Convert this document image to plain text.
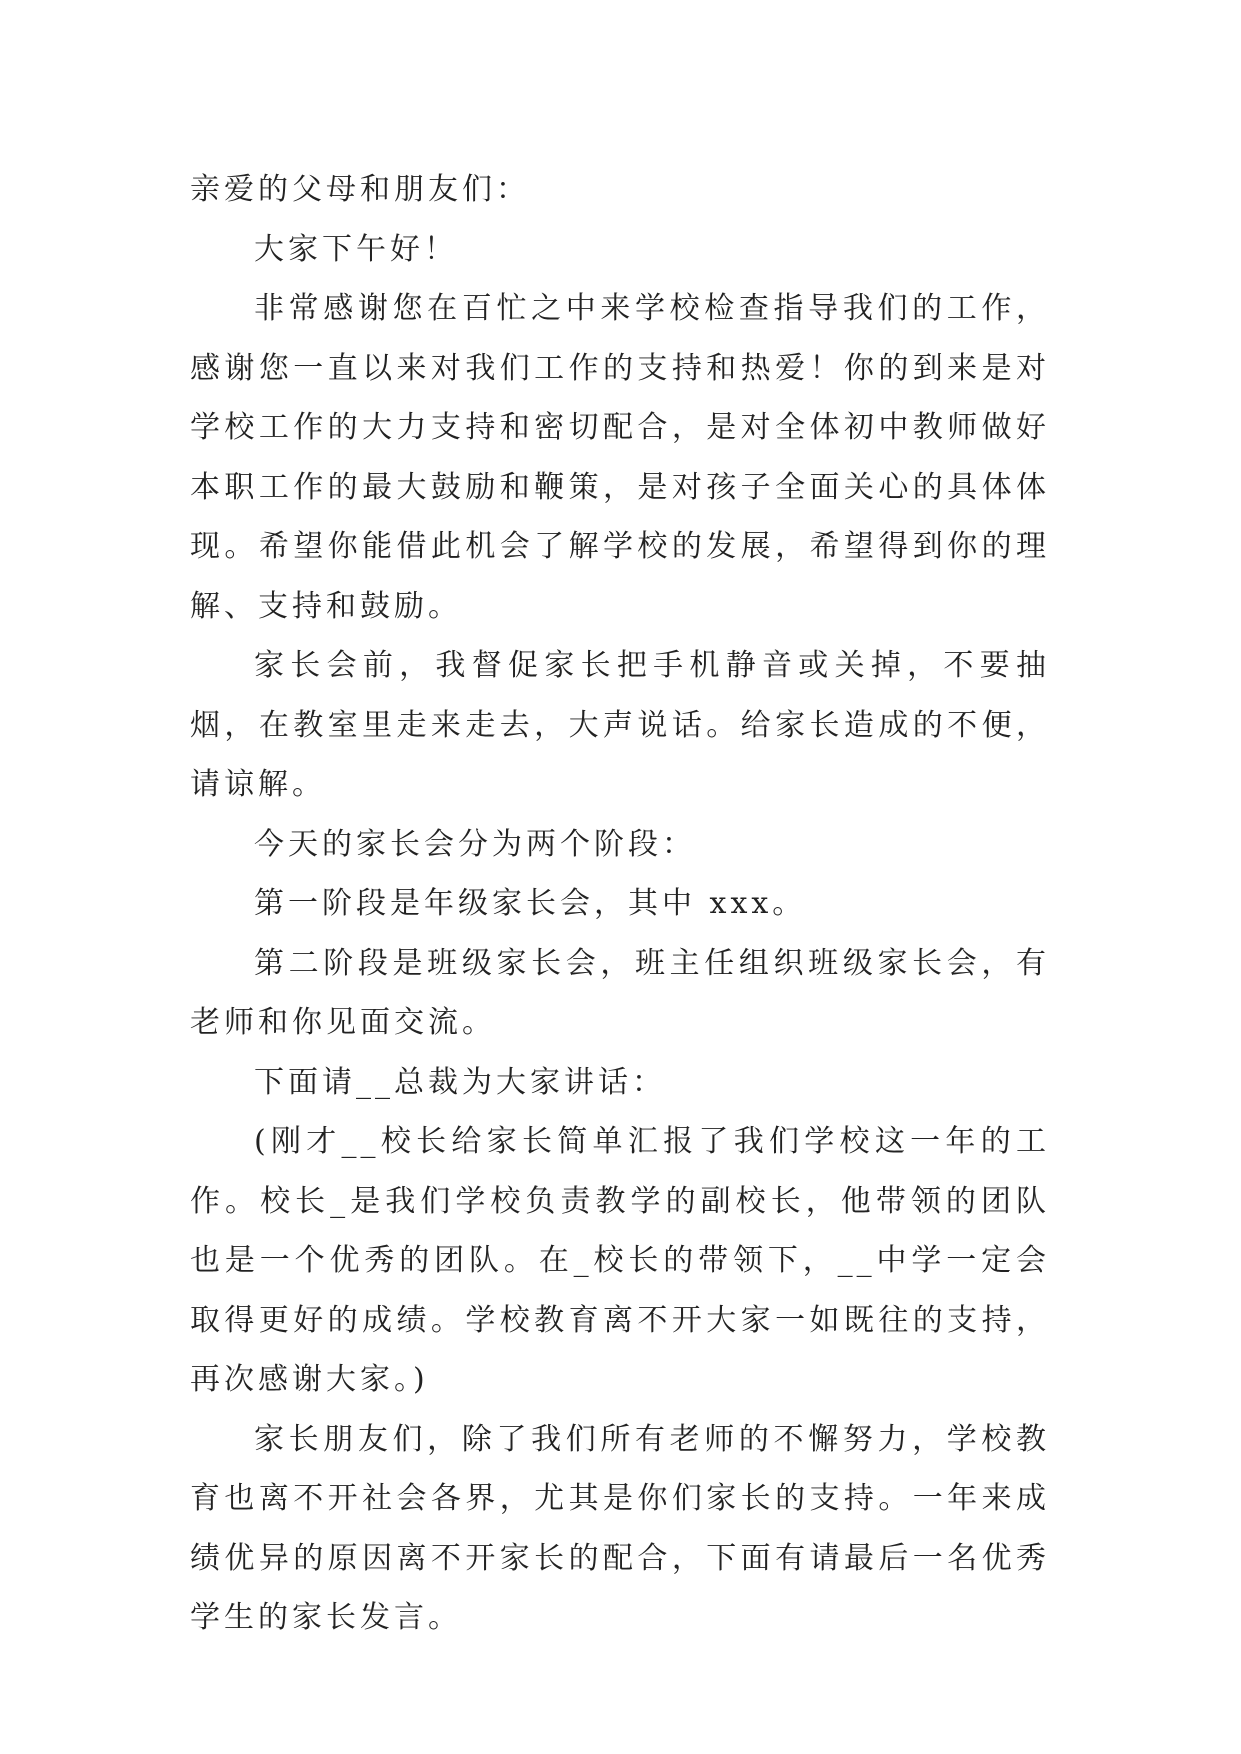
亲爱的父母和朋友们：

大家下午好！

非常感谢您在百忙之中来学校检查指导我们的工作，感谢您一直以来对我们工作的支持和热爱！你的到来是对学校工作的大力支持和密切配合，是对全体初中教师做好本职工作的最大鼓励和鞭策，是对孩子全面关心的具体体现。希望你能借此机会了解学校的发展，希望得到你的理解、支持和鼓励。

家长会前，我督促家长把手机静音或关掉，不要抽烟，在教室里走来走去，大声说话。给家长造成的不便，请谅解。

今天的家长会分为两个阶段：

第一阶段是年级家长会，其中 xxx。

第二阶段是班级家长会，班主任组织班级家长会，有老师和你见面交流。

下面请__总裁为大家讲话：

(刚才__校长给家长简单汇报了我们学校这一年的工作。校长_是我们学校负责教学的副校长，他带领的团队也是一个优秀的团队。在_校长的带领下，__中学一定会取得更好的成绩。学校教育离不开大家一如既往的支持，再次感谢大家。)

家长朋友们，除了我们所有老师的不懈努力，学校教育也离不开社会各界，尤其是你们家长的支持。一年来成绩优异的原因离不开家长的配合，下面有请最后一名优秀学生的家长发言。
